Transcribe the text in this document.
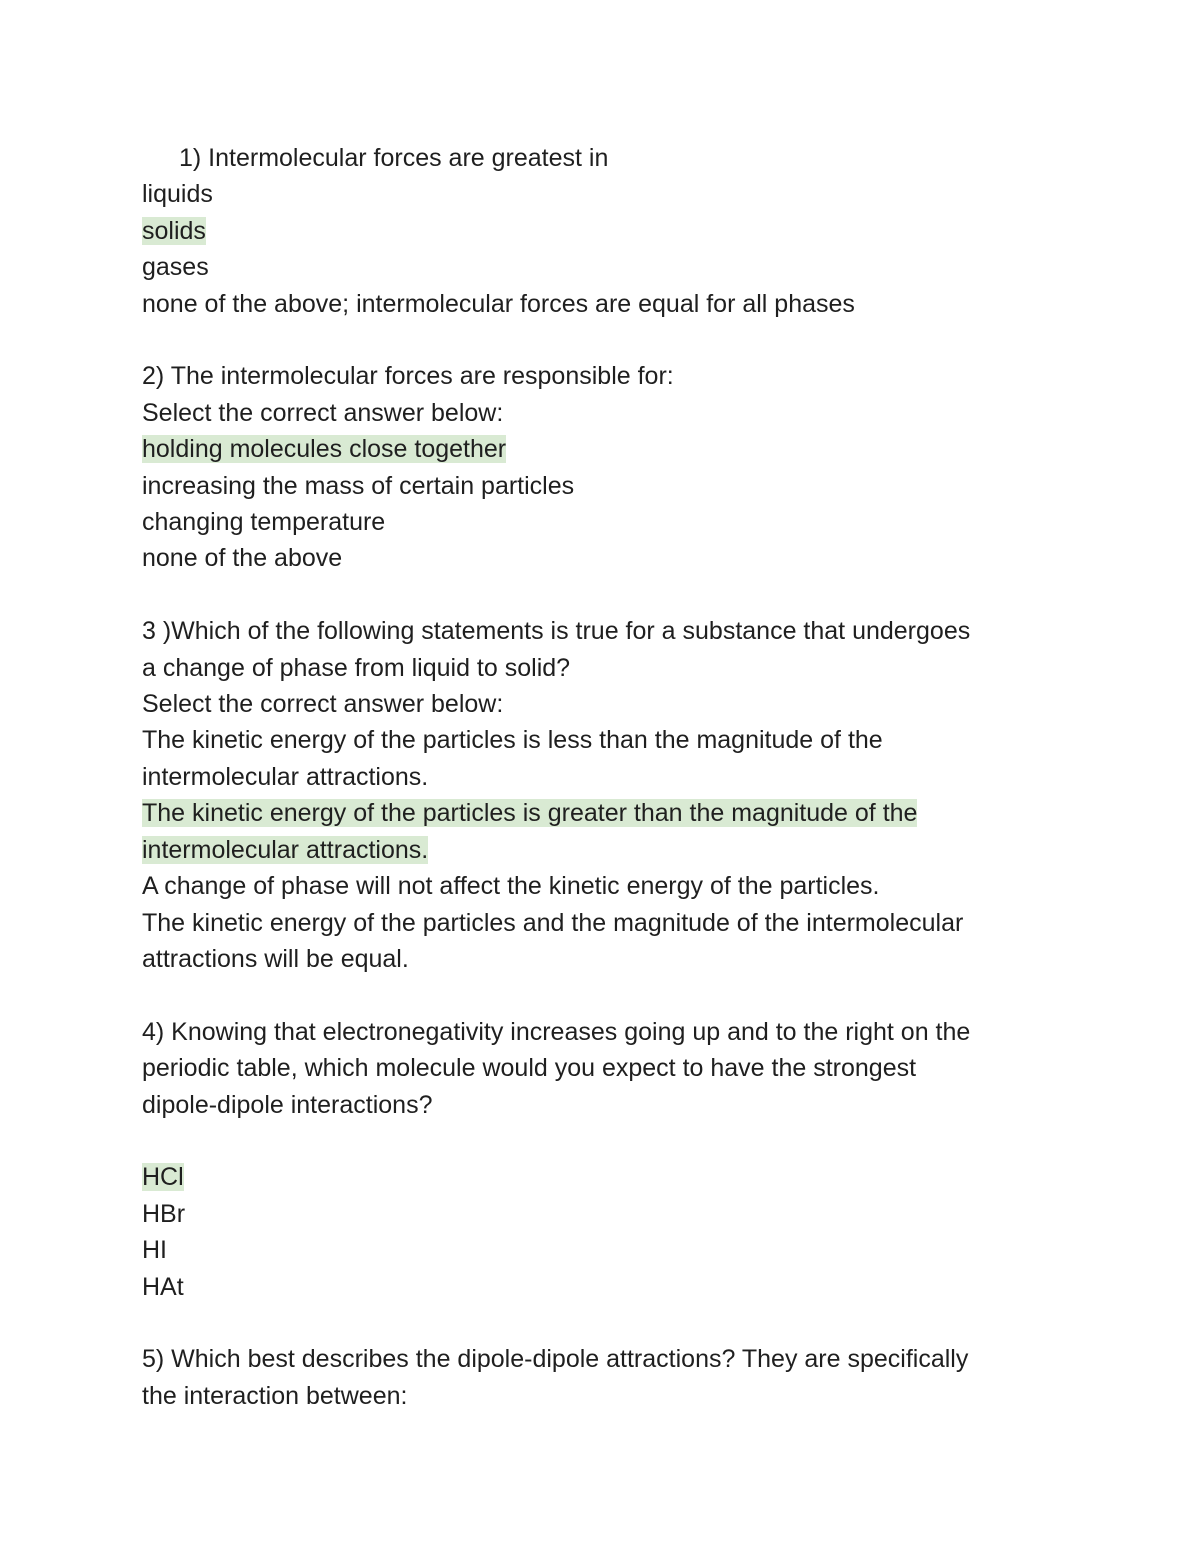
1) Intermolecular forces are greatest in
liquids
solids
gases
none of the above; intermolecular forces are equal for all phases
2) The intermolecular forces are responsible for:
Select the correct answer below:
holding molecules close together
increasing the mass of certain particles
changing temperature
none of the above
3 )Which of the following statements is true for a substance that undergoes
a change of phase from liquid to solid?
Select the correct answer below:
The kinetic energy of the particles is less than the magnitude of the
intermolecular attractions.
The kinetic energy of the particles is greater than the magnitude of the
intermolecular attractions.
A change of phase will not affect the kinetic energy of the particles.
The kinetic energy of the particles and the magnitude of the intermolecular
attractions will be equal.
4) Knowing that electronegativity increases going up and to the right on the
periodic table, which molecule would you expect to have the strongest
dipole-dipole interactions?
HCl
HBr
HI
HAt
5) Which best describes the dipole-dipole attractions? They are specifically
the interaction between:
